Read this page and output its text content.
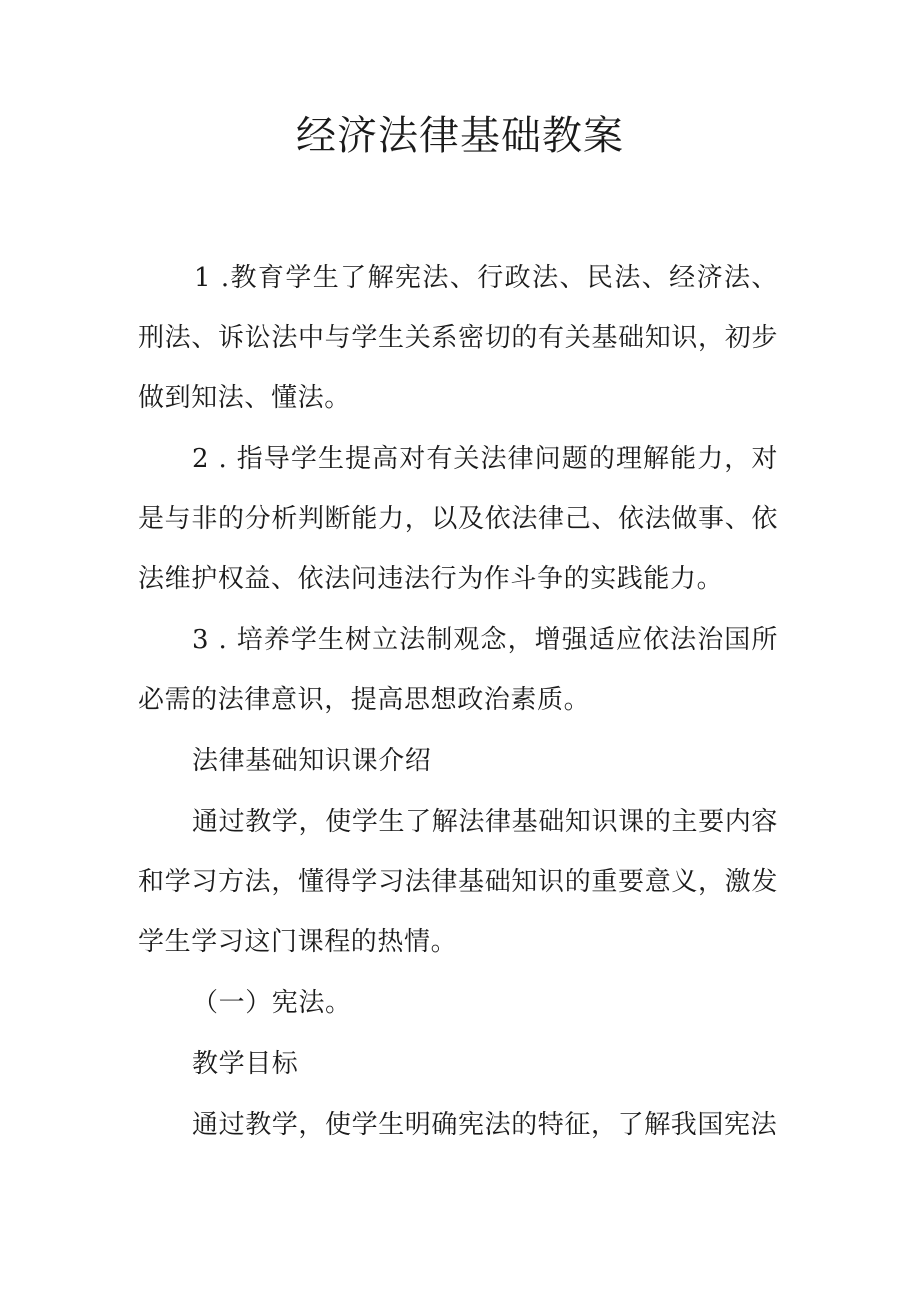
经济法律基础教案

1 .教育学生了解宪法、行政法、民法、经济法、刑法、诉讼法中与学生关系密切的有关基础知识，初步做到知法、懂法。

2 . 指导学生提高对有关法律问题的理解能力，对是与非的分析判断能力，以及依法律己、依法做事、依法维护权益、依法问违法行为作斗争的实践能力。

3 . 培养学生树立法制观念，增强适应依法治国所必需的法律意识，提高思想政治素质。

法律基础知识课介绍

通过教学，使学生了解法律基础知识课的主要内容和学习方法，懂得学习法律基础知识的重要意义，激发学生学习这门课程的热情。

（一）宪法。

教学目标

通过教学，使学生明确宪法的特征，了解我国宪法
